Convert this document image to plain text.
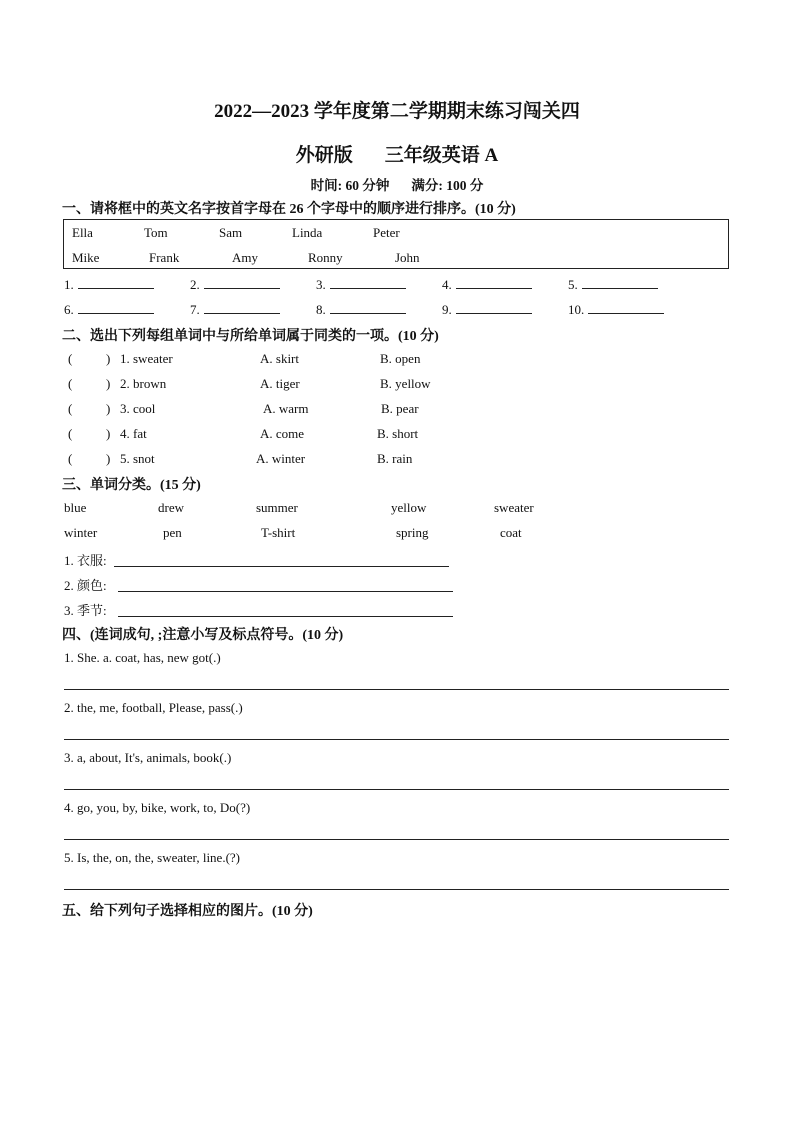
2022—2023 学年度第二学期期末练习闯关四
外研版 三年级英语 A
时间: 60 分钟 满分: 100 分
一、请将框中的英文名字按首字母在 26 个字母中的顺序进行排序。(10 分)
Ella	Tom	Sam	Linda	Peter
Mike	Frank	Amy	Ronny	John
1.	2.	3.	4.	5.
6.	7.	8.	9.	10.
二、选出下列每组单词中与所给单词属于同类的一项。(10 分)
(	) 1. sweater	A. skirt	B. open
(	) 2. brown	A. tiger	B. yellow
(	) 3. cool	A. warm	B. pear
(	) 4. fat	A. come	B. short
(	) 5. snot	A. winter	B. rain
三、单词分类。(15 分)
blue	drew	summer	yellow	sweater
winter	pen	T-shirt	spring	coat
1. 衣服:
2. 颜色:
3. 季节:
四、(连词成句, ;注意小写及标点符号。(10 分)
1. She. a. coat, has, new got(.)
2. the, me, football, Please, pass(.)
3. a, about, It's, animals, book(.)
4. go, you, by, bike, work, to, Do(?)
5. Is, the, on, the, sweater, line.(?)
五、给下列句子选择相应的图片。(10 分)
